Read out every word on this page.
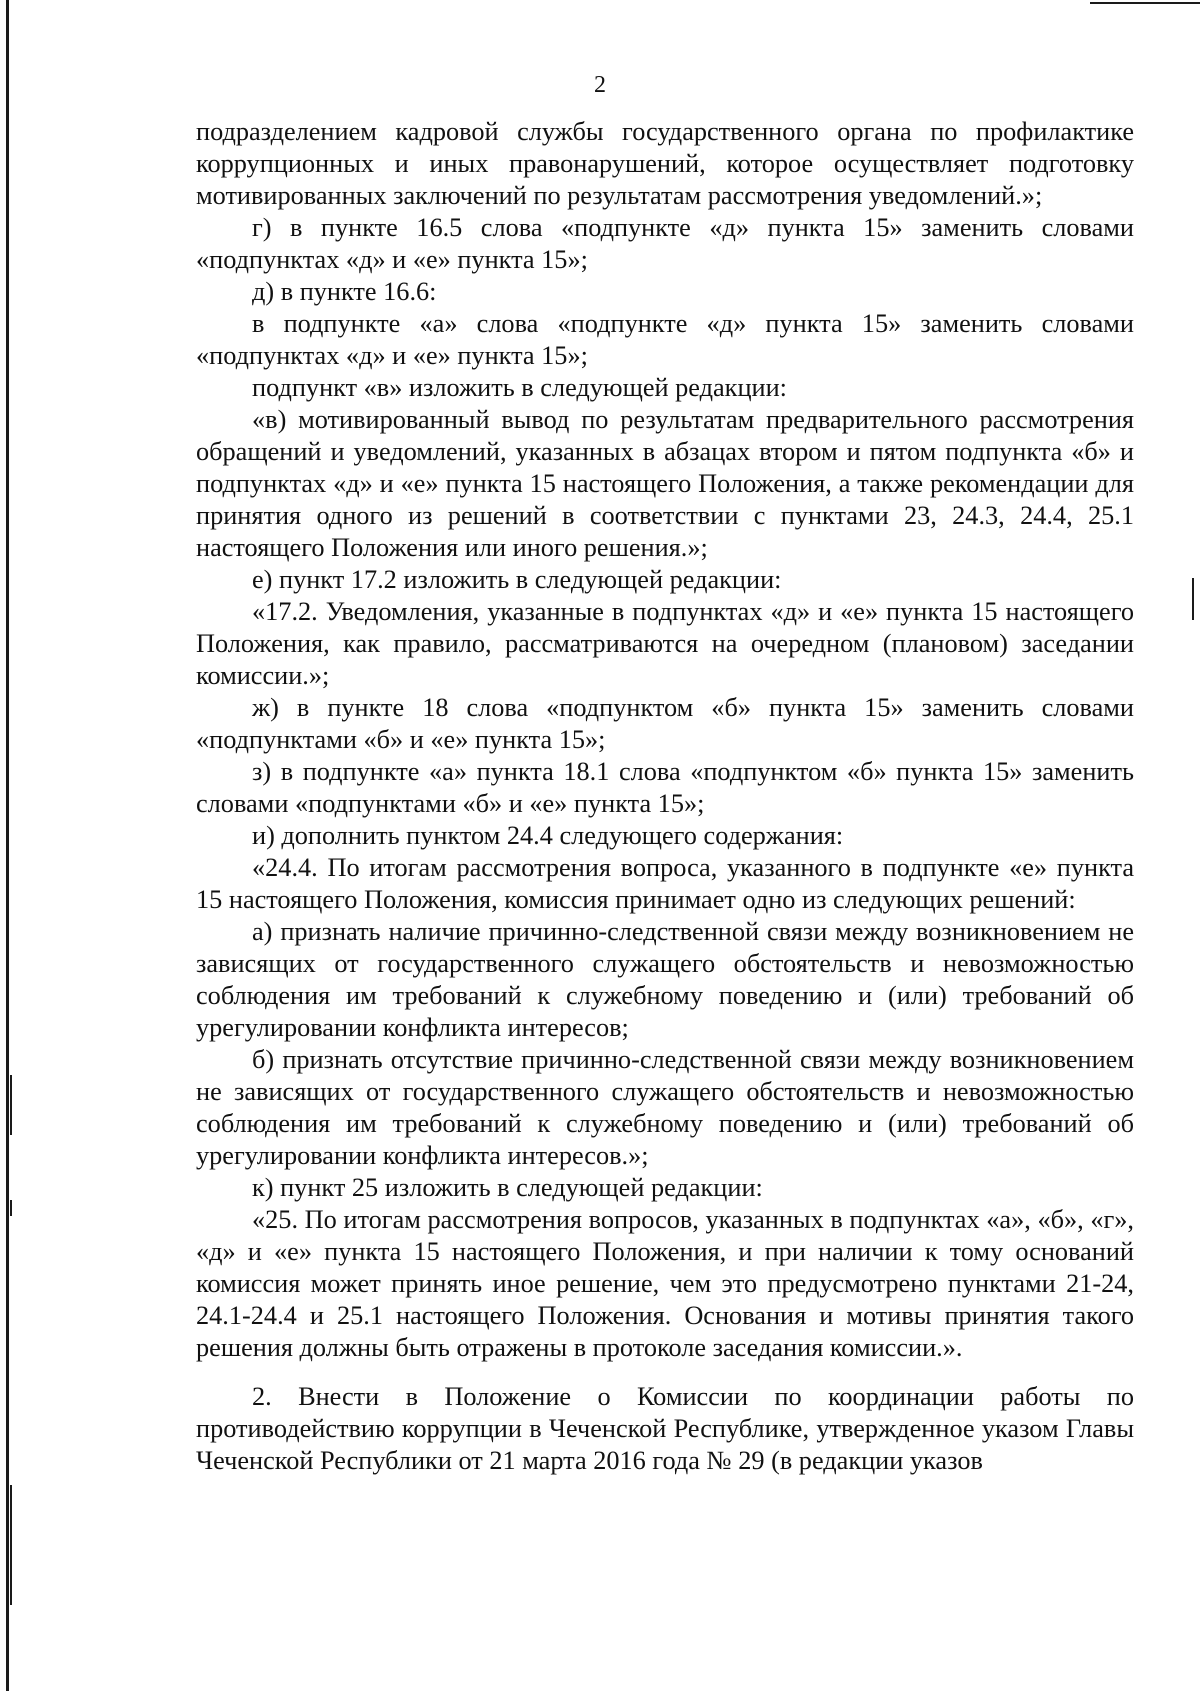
2

подразделением кадровой службы государственного органа по профилактике коррупционных и иных правонарушений, которое осуществляет подготовку мотивированных заключений по результатам рассмотрения уведомлений.»;

г) в пункте 16.5 слова «подпункте «д» пункта 15» заменить словами «подпунктах «д» и «е» пункта 15»;

д) в пункте 16.6:

в подпункте «а» слова «подпункте «д» пункта 15» заменить словами «подпунктах «д» и «е» пункта 15»;

подпункт «в» изложить в следующей редакции:

«в) мотивированный вывод по результатам предварительного рассмотрения обращений и уведомлений, указанных в абзацах втором и пятом подпункта «б» и подпунктах «д» и «е» пункта 15 настоящего Положения, а также рекомендации для принятия одного из решений в соответствии с пунктами 23, 24.3, 24.4, 25.1 настоящего Положения или иного решения.»;

е) пункт 17.2 изложить в следующей редакции:

«17.2. Уведомления, указанные в подпунктах «д» и «е» пункта 15 настоящего Положения, как правило, рассматриваются на очередном (плановом) заседании комиссии.»;

ж) в пункте 18 слова «подпунктом «б» пункта 15» заменить словами «подпунктами «б» и «е» пункта 15»;

з) в подпункте «а» пункта 18.1 слова «подпунктом «б» пункта 15» заменить словами «подпунктами «б» и «е» пункта 15»;

и) дополнить пунктом 24.4 следующего содержания:

«24.4. По итогам рассмотрения вопроса, указанного в подпункте «е» пункта 15 настоящего Положения, комиссия принимает одно из следующих решений:

а) признать наличие причинно-следственной связи между возникновением не зависящих от государственного служащего обстоятельств и невозможностью соблюдения им требований к служебному поведению и (или) требований об урегулировании конфликта интересов;

б) признать отсутствие причинно-следственной связи между возникновением не зависящих от государственного служащего обстоятельств и невозможностью соблюдения им требований к служебному поведению и (или) требований об урегулировании конфликта интересов.»;

к) пункт 25 изложить в следующей редакции:

«25. По итогам рассмотрения вопросов, указанных в подпунктах «а», «б», «г», «д» и «е» пункта 15 настоящего Положения, и при наличии к тому оснований комиссия может принять иное решение, чем это предусмотрено пунктами 21-24, 24.1-24.4 и 25.1 настоящего Положения. Основания и мотивы принятия такого решения должны быть отражены в протоколе заседания комиссии.».

2. Внести в Положение о Комиссии по координации работы по противодействию коррупции в Чеченской Республике, утвержденное указом Главы Чеченской Республики от 21 марта 2016 года № 29 (в редакции указов
